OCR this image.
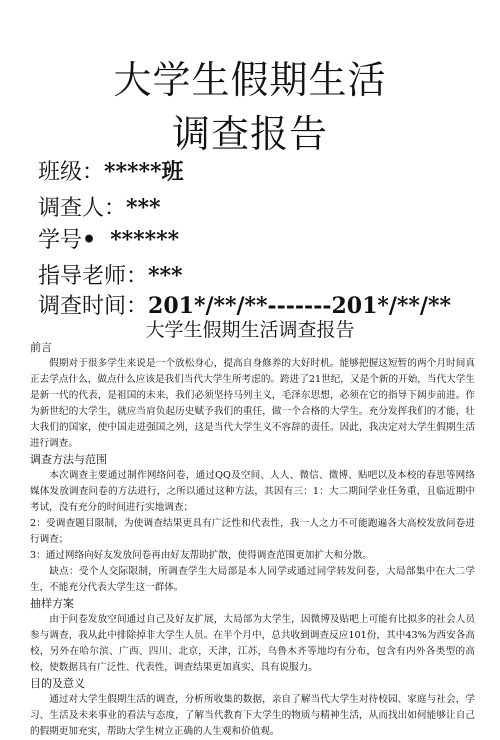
大学生假期生活
调查报告
班级：*****班
调查人：***
学号• ******
指导老师：***
调查时间：201*/**/**-------201*/**/**
大学生假期生活调查报告

前言

假期对于很多学生来说是一个放松身心，提高自身修养的大好时机。能够把握这短暂的两个月时间真正去学点什么，做点什么应该是我们当代大学生所考虑的。跨进了21世纪，又是个新的开始，当代大学生是新一代的代表，是祖国的未来，我们必须坚持马列主义，毛泽东思想，必须在它的指导下阔步前进。作为新世纪的大学生，就应当肩负起历史赋予我们的重任，做一个合格的大学生。充分发挥我们的才能，壮大我们的国家，使中国走进强国之列，这是当代大学生义不容辞的责任。因此，我决定对大学生假期生活进行调查。

调查方法与范围

本次调查主要通过制作网络问卷，通过QQ及空间、人人、微信、微博、贴吧以及本校的春思等网络媒体发放调查问卷的方法进行，之所以通过这种方法，其因有三：1：大二期间学业任务重，且临近期中考试，没有充分的时间进行实地调查；

2：受调查题目限制，为使调查结果更具有广泛性和代表性，我一人之力不可能跑遍各大高校发放问卷进行调查；

3：通过网络向好友发放问卷再由好友帮助扩散，使得调查范围更加扩大和分散。

缺点：受个人交际限制，所调查学生大局部是本人同学或通过同学转发问卷，大局部集中在大二学生，不能充分代表大学生这一群体。

抽样方案

由于问卷发放空间通过自己及好友扩展，大局部为大学生，因微博及贴吧上可能有比拟多的社会人员参与调查，我从此中排除掉非大学生人员。在半个月中，总共收到调查反应101份，其中43%为西安各高校，另外在哈尔滨、广西、四川、北京，天津，江苏，乌鲁木齐等地均有分布，包含有内外各类型的高校，使数据具有广泛性、代表性，调查结果更加真实、具有说服力。

目的及意义

通过对大学生假期生活的调查，分析所收集的数据，亲自了解当代大学生对待校园、家庭与社会，学习、生活及未来事业的看法与态度，了解当代教育下大学生的物质与精神生活，从而找出如何能够让自己的假期更加充实，帮助大学生树立正确的人生观和价值观。
